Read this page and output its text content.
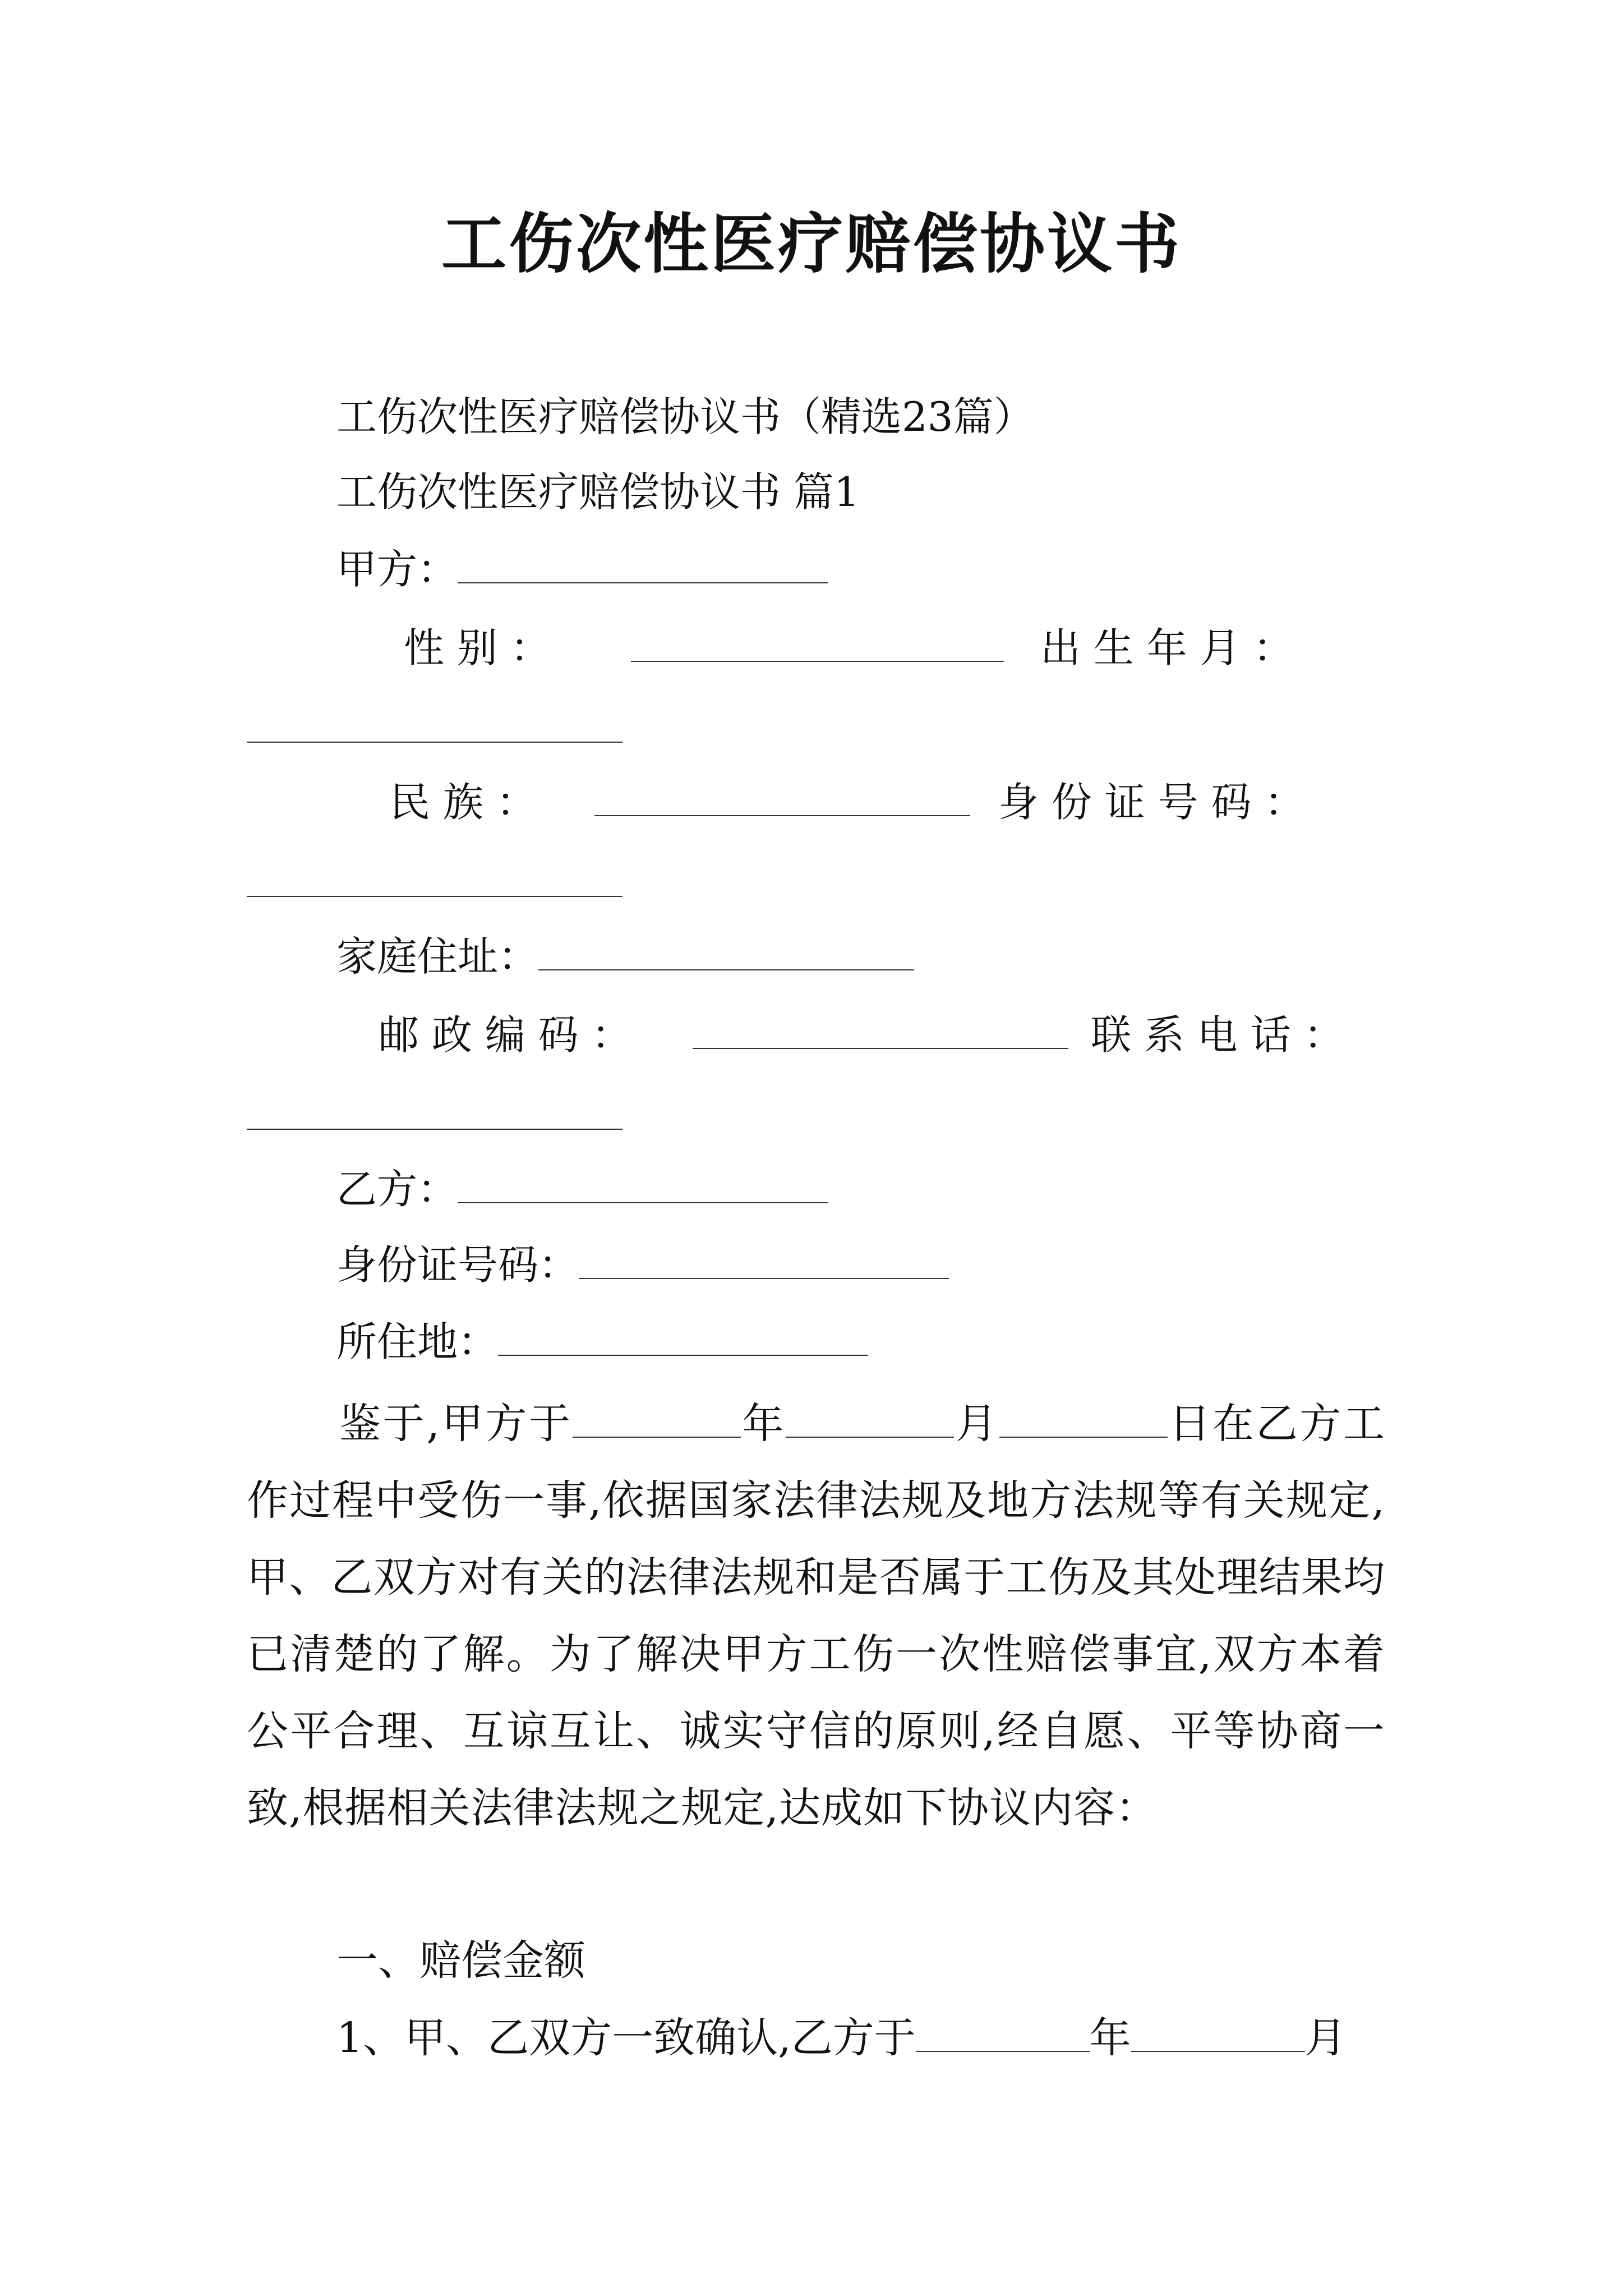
工伤次性医疗赔偿协议书
工伤次性医疗赔偿协议书（精选23篇）
工伤次性医疗赔偿协议书 篇1
甲方：
性 别 ：	出 生 年 月 ：
民 族 ：	身 份 证 号 码 ：
家庭住址：
邮 政 编 码 ：	联 系 电 话 ：
乙方：
身份证号码：
所住地：
鉴于,甲方于	年	月	日在乙方工作过程中受伤一事,依据国家法律法规及地方法规等有关规定,甲、乙双方对有关的法律法规和是否属于工伤及其处理结果均已清楚的了解。为了解决甲方工伤一次性赔偿事宜,双方本着公平合理、互谅互让、诚实守信的原则,经自愿、平等协商一致,根据相关法律法规之规定,达成如下协议内容：
一、赔偿金额
1、甲、乙双方一致确认,乙方于	年	月
